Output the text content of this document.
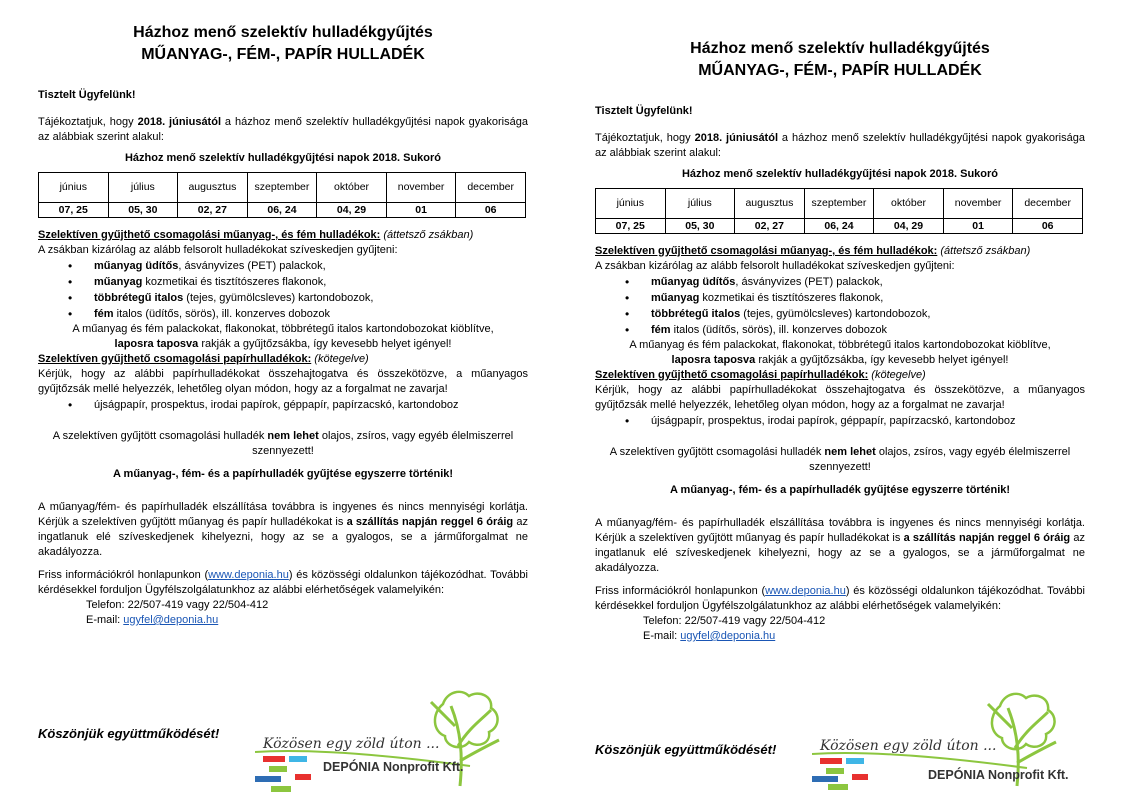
Házhoz menő szelektív hulladékgyűjtés
MŰANYAG-, FÉM-, PAPÍR HULLADÉK
Tisztelt Ügyfelünk!
Tájékoztatjuk, hogy 2018. júniusától a házhoz menő szelektív hulladékgyűjtési napok gyakorisága az alábbiak szerint alakul:
Házhoz menő szelektív hulladékgyűjtési napok 2018. Sukoró
június	július	augusztus	szeptember	október	november	december
07, 25	05, 30	02, 27	06, 24	04, 29	01	06
Szelektíven gyűjthető csomagolási műanyag-, és fém hulladékok: (áttetsző zsákban)
A zsákban kizárólag az alább felsorolt hulladékokat szíveskedjen gyűjteni:
• műanyag üdítős, ásványvizes (PET) palackok,
• műanyag kozmetikai és tisztítószeres flakonok,
• többrétegű italos (tejes, gyümölcsleves) kartondobozok,
• fém italos (üdítős, sörös), ill. konzerves dobozok
A műanyag és fém palackokat, flakonokat, többrétegű italos kartondobozokat kiöblítve,
laposra taposva rakják a gyűjtőzsákba, így kevesebb helyet igényel!
Szelektíven gyűjthető csomagolási papírhulladékok: (kötegelve)
Kérjük, hogy az alábbi papírhulladékokat összehajtogatva és összekötözve, a műanyagos gyűjtőzsák mellé helyezzék, lehetőleg olyan módon, hogy az a forgalmat ne zavarja!
• újságpapír, prospektus, irodai papírok, géppapír, papírzacskó, kartondoboz
A szelektíven gyűjtött csomagolási hulladék nem lehet olajos, zsíros, vagy egyéb élelmiszerrel szennyezett!
A műanyag-, fém- és a papírhulladék gyűjtése egyszerre történik!
A műanyag/fém- és papírhulladék elszállítása továbbra is ingyenes és nincs mennyiségi korlátja. Kérjük a szelektíven gyűjtött műanyag és papír hulladékokat is a szállítás napján reggel 6 óráig az ingatlanuk elé szíveskedjenek kihelyezni, hogy az se a gyalogos, se a járműforgalmat ne akadályozza.
Friss információkról honlapunkon (www.deponia.hu) és közösségi oldalunkon tájékozódhat. További kérdésekkel forduljon Ügyfélszolgálatunkhoz az alábbi elérhetőségek valamelyikén:
Telefon: 22/507-419 vagy 22/504-412
E-mail: ugyfel@deponia.hu
Köszönjük együttműködését!
Közösen egy zöld úton ...
DEPÓNIA Nonprofit Kft.
Házhoz menő szelektív hulladékgyűjtés
MŰANYAG-, FÉM-, PAPÍR HULLADÉK
Tisztelt Ügyfelünk!
Tájékoztatjuk, hogy 2018. júniusától a házhoz menő szelektív hulladékgyűjtési napok gyakorisága az alábbiak szerint alakul:
Házhoz menő szelektív hulladékgyűjtési napok 2018. Sukoró
június	július	augusztus	szeptember	október	november	december
07, 25	05, 30	02, 27	06, 24	04, 29	01	06
Szelektíven gyűjthető csomagolási műanyag-, és fém hulladékok: (áttetsző zsákban)
A zsákban kizárólag az alább felsorolt hulladékokat szíveskedjen gyűjteni:
• műanyag üdítős, ásványvizes (PET) palackok,
• műanyag kozmetikai és tisztítószeres flakonok,
• többrétegű italos (tejes, gyümölcsleves) kartondobozok,
• fém italos (üdítős, sörös), ill. konzerves dobozok
A műanyag és fém palackokat, flakonokat, többrétegű italos kartondobozokat kiöblítve,
laposra taposva rakják a gyűjtőzsákba, így kevesebb helyet igényel!
Szelektíven gyűjthető csomagolási papírhulladékok: (kötegelve)
Kérjük, hogy az alábbi papírhulladékokat összehajtogatva és összekötözve, a műanyagos gyűjtőzsák mellé helyezzék, lehetőleg olyan módon, hogy az a forgalmat ne zavarja!
• újságpapír, prospektus, irodai papírok, géppapír, papírzacskó, kartondoboz
A szelektíven gyűjtött csomagolási hulladék nem lehet olajos, zsíros, vagy egyéb élelmiszerrel szennyezett!
A műanyag-, fém- és a papírhulladék gyűjtése egyszerre történik!
A műanyag/fém- és papírhulladék elszállítása továbbra is ingyenes és nincs mennyiségi korlátja. Kérjük a szelektíven gyűjtött műanyag és papír hulladékokat is a szállítás napján reggel 6 óráig az ingatlanuk elé szíveskedjenek kihelyezni, hogy az se a gyalogos, se a járműforgalmat ne akadályozza.
Friss információkról honlapunkon (www.deponia.hu) és közösségi oldalunkon tájékozódhat. További kérdésekkel forduljon Ügyfélszolgálatunkhoz az alábbi elérhetőségek valamelyikén:
Telefon: 22/507-419 vagy 22/504-412
E-mail: ugyfel@deponia.hu
Köszönjük együttműködését!	Közösen egy zöld úton ...
DEPÓNIA Nonprofit Kft.
